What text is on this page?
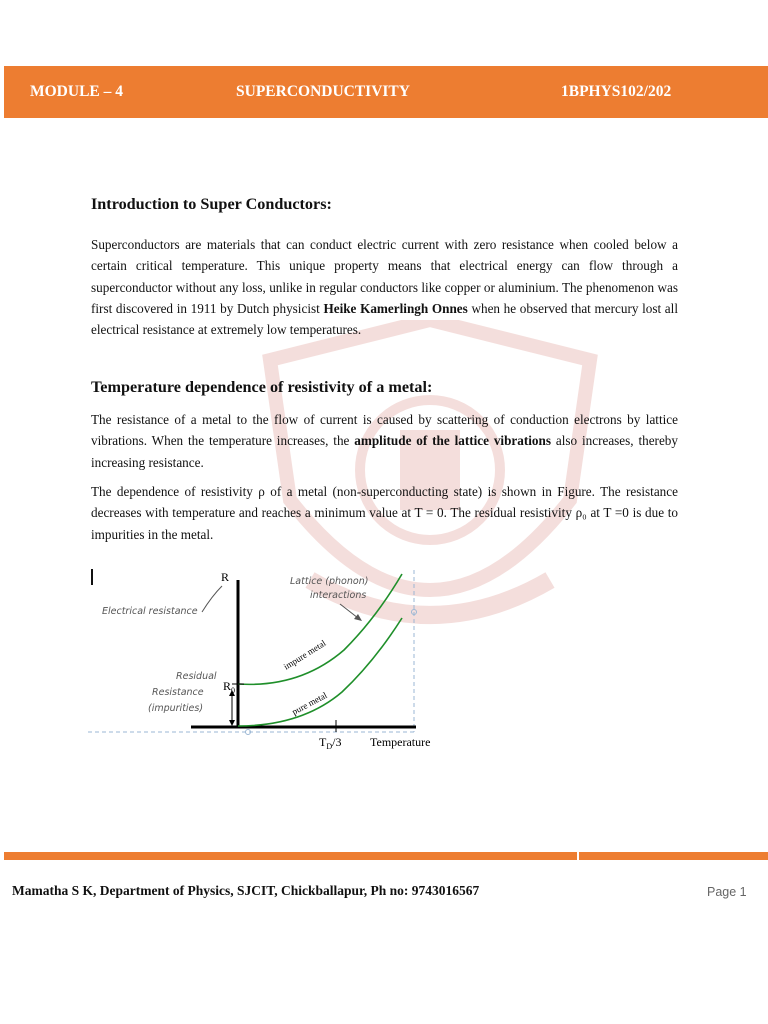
MODULE – 4	SUPERCONDUCTIVITY	1BPHYS102/202
Introduction to Super Conductors:

Superconductors are materials that can conduct electric current with zero resistance when cooled below a certain critical temperature. This unique property means that electrical energy can flow through a superconductor without any loss, unlike in regular conductors like copper or aluminium. The phenomenon was first discovered in 1911 by Dutch physicist Heike Kamerlingh Onnes when he observed that mercury lost all electrical resistance at extremely low temperatures.

Temperature dependence of resistivity of a metal:

The resistance of a metal to the flow of current is caused by scattering of conduction electrons by lattice vibrations. When the temperature increases, the amplitude of the lattice vibrations also increases, thereby increasing resistance.

The dependence of resistivity ρ of a metal (non-superconducting state) is shown in Figure. The resistance decreases with temperature and reaches a minimum value at T = 0. The residual resistivity ρ₀ at T =0 is due to impurities in the metal.

R
Temperature
$R_0$
$T_D/3$
Electrical resistance
Lattice (phonon)
interactions
Residual
Resistance
(impurities)
impure metal
pure metal
Mamatha S K, Department of Physics, SJCIT, Chickballapur, Ph no: 9743016567	Page 1
